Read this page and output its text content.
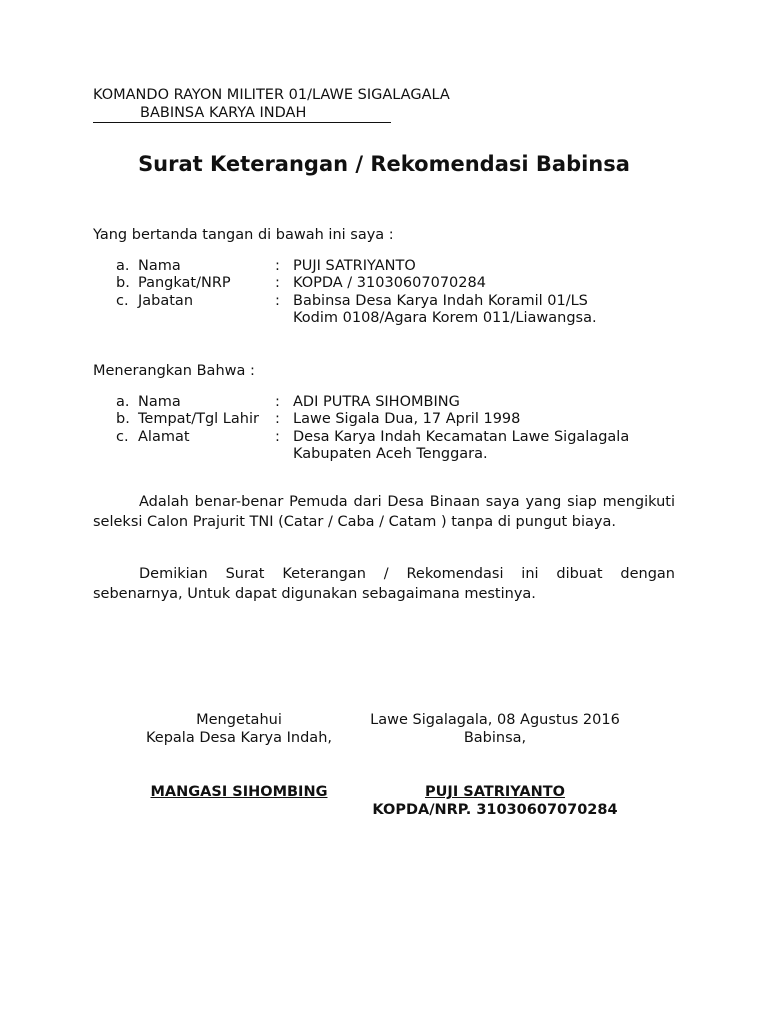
KOMANDO RAYON MILITER 01/LAWE SIGALAGALA
BABINSA KARYA INDAH
Surat Keterangan / Rekomendasi Babinsa
Yang bertanda tangan di bawah ini saya :
a. Nama	: PUJI SATRIYANTO
b. Pangkat/NRP	: KOPDA / 31030607070284
c. Jabatan	: Babinsa Desa Karya Indah Koramil 01/LS
Kodim 0108/Agara Korem 011/Liawangsa.
Menerangkan Bahwa :
a. Nama	: ADI PUTRA SIHOMBING
b. Tempat/Tgl Lahir : Lawe Sigala Dua, 17 April 1998
c. Alamat	: Desa Karya Indah Kecamatan Lawe Sigalagala
Kabupaten Aceh Tenggara.
Adalah benar-benar Pemuda dari Desa Binaan saya yang siap mengikuti seleksi Calon Prajurit TNI (Catar / Caba / Catam ) tanpa di pungut biaya.
Demikian Surat Keterangan / Rekomendasi ini dibuat dengan sebenarnya, Untuk dapat digunakan sebagaimana mestinya.
Mengetahui
Kepala Desa Karya Indah,
MANGASI SIHOMBING
Lawe Sigalagala, 08 Agustus 2016
Babinsa,
PUJI SATRIYANTO
KOPDA/NRP. 31030607070284
